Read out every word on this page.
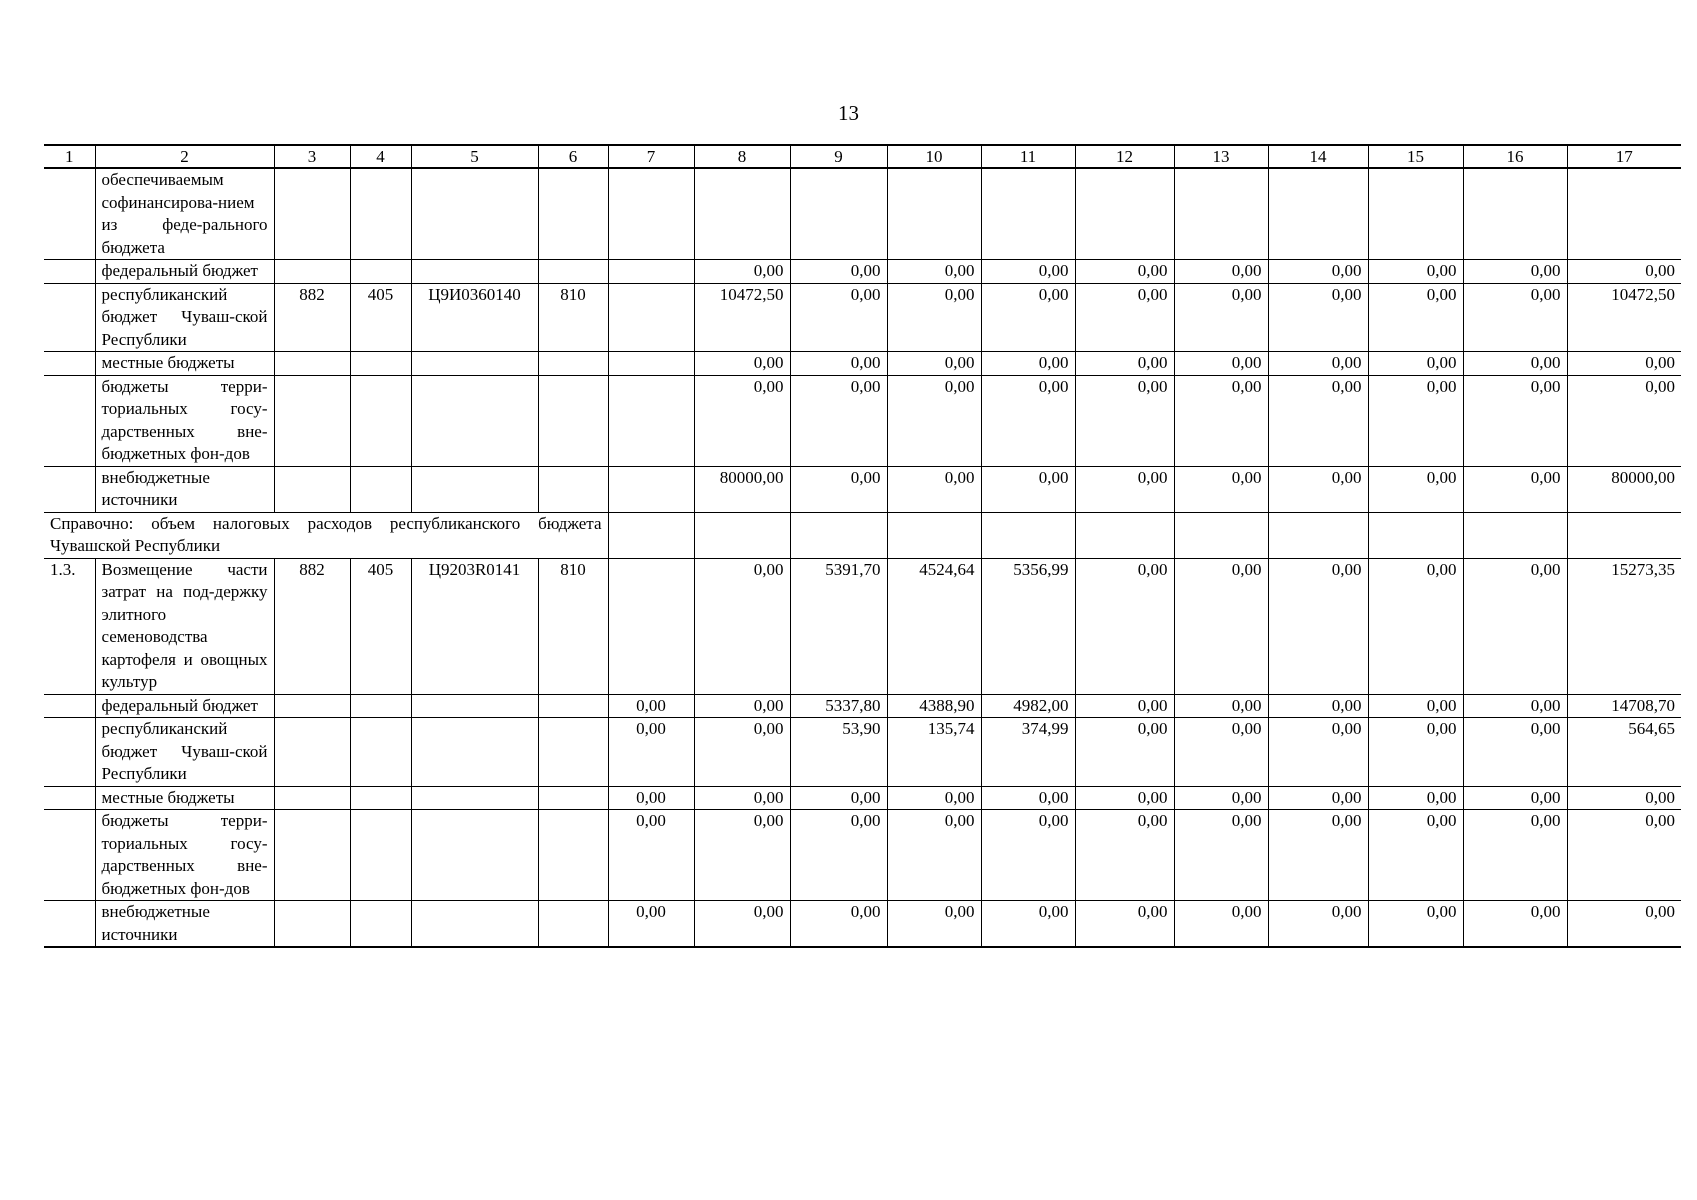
13
1	2	3	4	5	6	7	8	9	10	11	12	13	14	15	16	17
	обеспечиваемым софинансирова-нием из феде-рального бюджета															
	федеральный бюджет						0,00	0,00	0,00	0,00	0,00	0,00	0,00	0,00	0,00	0,00
	республиканский бюджет Чуваш-ской Республики	882	405	Ц9И0360140	810		10472,50	0,00	0,00	0,00	0,00	0,00	0,00	0,00	0,00	10472,50
	местные бюджеты						0,00	0,00	0,00	0,00	0,00	0,00	0,00	0,00	0,00	0,00
	бюджеты терри-ториальных госу-дарственных вне-бюджетных фон-дов						0,00	0,00	0,00	0,00	0,00	0,00	0,00	0,00	0,00	0,00
	внебюджетные источники						80000,00	0,00	0,00	0,00	0,00	0,00	0,00	0,00	0,00	80000,00
Справочно: объем налоговых расходов республиканского бюджета Чувашской Республики																
1.3.	Возмещение части затрат на под-держку элитного семеноводства картофеля и овощных культур	882	405	Ц9203R0141	810		0,00	5391,70	4524,64	5356,99	0,00	0,00	0,00	0,00	0,00	15273,35
	федеральный бюджет					0,00	0,00	5337,80	4388,90	4982,00	0,00	0,00	0,00	0,00	0,00	14708,70
	республиканский бюджет Чуваш-ской Республики					0,00	0,00	53,90	135,74	374,99	0,00	0,00	0,00	0,00	0,00	564,65
	местные бюджеты					0,00	0,00	0,00	0,00	0,00	0,00	0,00	0,00	0,00	0,00	0,00
	бюджеты терри-ториальных госу-дарственных вне-бюджетных фон-дов					0,00	0,00	0,00	0,00	0,00	0,00	0,00	0,00	0,00	0,00	0,00
	внебюджетные источники					0,00	0,00	0,00	0,00	0,00	0,00	0,00	0,00	0,00	0,00	0,00
